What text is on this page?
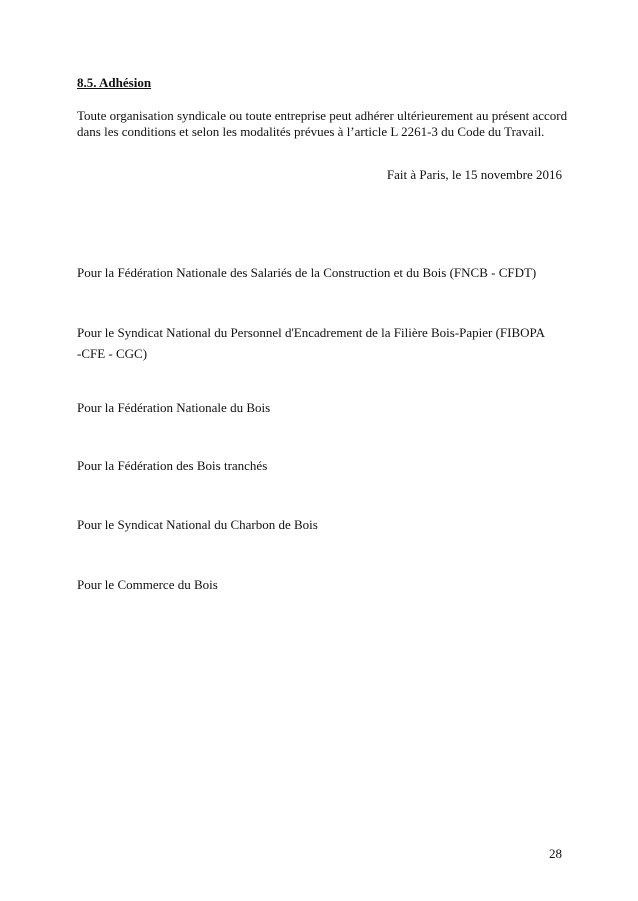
8.5. Adhésion
Toute organisation syndicale ou toute entreprise peut adhérer ultérieurement au présent accord
dans les conditions et selon les modalités prévues à l’article L 2261-3 du Code du Travail.
Fait à Paris, le 15 novembre 2016
Pour la Fédération Nationale des Salariés de la Construction et du Bois (FNCB - CFDT)
Pour le Syndicat National du Personnel d'Encadrement de la Filière Bois-Papier (FIBOPA
-CFE - CGC)
Pour la Fédération Nationale du Bois
Pour la Fédération des Bois tranchés
Pour le Syndicat National du Charbon de Bois
Pour le Commerce du Bois
28
